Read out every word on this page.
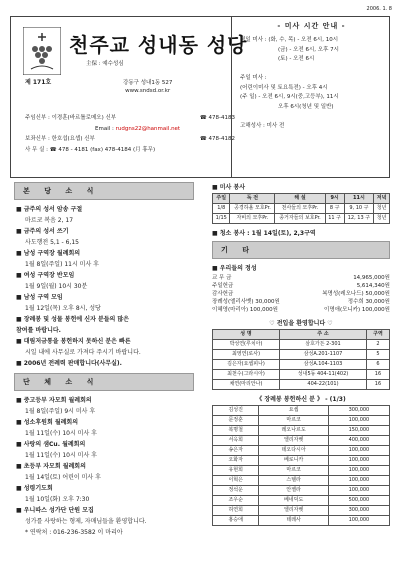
2006. 1. 8
제 171호
천주교 성내동 성당
主保 : 예수성심
강동구 성내1동 527
www.sndsd.or.kr
주임신부 : 이경훈(바르톨로메오) 신부	☎ 478-4183
Email : rudgns22@hanmail.net
보좌신부 : 한호섭(요셉) 신부	☎ 478-4182
사 무 실 : ☎ 478 - 4181 (fax) 478-4184 (月 휴무)
- 미사 시간 안내 -
평일 미사 : (화, 수, 목) - 오전 6시, 10시
(금) - 오전 6시, 오후 7시
(토) - 오전 6시

주일 미사 :
(어린이미사 및 토요특전) - 오후 4시
(주 일) - 오전 6시, 9시(중,고등부), 11시
오후 6시(청년 및 일반)

고해성사 : 미사 전
본 당 소 식
■ 금주의 성서 암송 구절
마르코 복음 2, 17
■ 금주의 성서 쓰기
사도행전 5,1 - 6,15
■ 남성 구역장 월례회의
1월 8일(주일) 11시 미사 후
■ 여성 구역장 반모임
1월 9일(월) 10시 30분
■ 남성 구역 모임
1월 12일(목) 오후 8시, 성당
■ 장례봉 및 성물 봉헌에 신자 분들의 많은
참여를 바랍니다.
■ 대림저금통을 봉헌하지 못하신 분은 빠른
시일 내에 사무실로 가져다 주시기 바랍니다.
■ 2006년 전례력 판매합니다(사무실).
단 체 소 식
■ 중고등부 자모회 월례회의
1월 8일(주일) 9시 미사 후
■ 성소후원회 월례회의
1월 11일(수) 10시 미사 후
■ 사랑의 샘Cu. 월례회의
1월 11일(수) 10시 미사 후
■ 초등부 자모회 월례회의
1월 14일(토) 어린이 미사 후
■ 성령기도회
1월 10일(화) 오후 7:30
■ 우니따스 성가단 단원 모집
성가를 사랑하는 형제, 자매님들을 환영합니다.
* 연락처 : 016-236-3582 이 마리아
■ 미사 봉사
주일	독 전	해 설	9시	11시	저녁
1/8	공경하올 모호Pr.	천사들의 모후Pr.	8 구	9, 10 구	청년
1/15	자비의 모후Pr.	종거자들의 보호Pr.	11 구	12, 13 구	청년
■ 청소 봉사 : 1월 14일(토), 2,3구역
기 타
■ 우리들의 정성
교 무 금	14,965,000원
주일헌금	5,614,340원
감사헌금	복명성(레오나드) 50,000원
장례성(엘리사벳) 30,000원	정수희 30,000원
이혜영(마리아) 100,000원	이명애(모니카) 100,000원
♡ 전입을 환영합니다 ♡
성 명	주 소	구역
박성연(루치아)	삼호가든 2-301	2
최영연(로사)	삼성A.201-1107	5
김은자(요셉피나)	삼성A.104-1103	6
최천수(그라시아)	성내5동 404-11(402)	16
채연(마리안나)	404-22(101)	16
《 장례봉 봉헌하신 분 》 - (1/3)
김성진	요셉	300,000
문정훈	마르코	100,000
복명철	레오나르도	150,000
서옥희	엘리자벳	400,000
송은자	데오다시아	100,000
오화자	베로니카	100,000
유현희	마르코	100,000
이혁은	스텔라	100,000
정석운	안젤라	100,000
조우순	베네딕도	500,000
허연희	엘리자벳	300,000
홍승애	테레사	100,000
